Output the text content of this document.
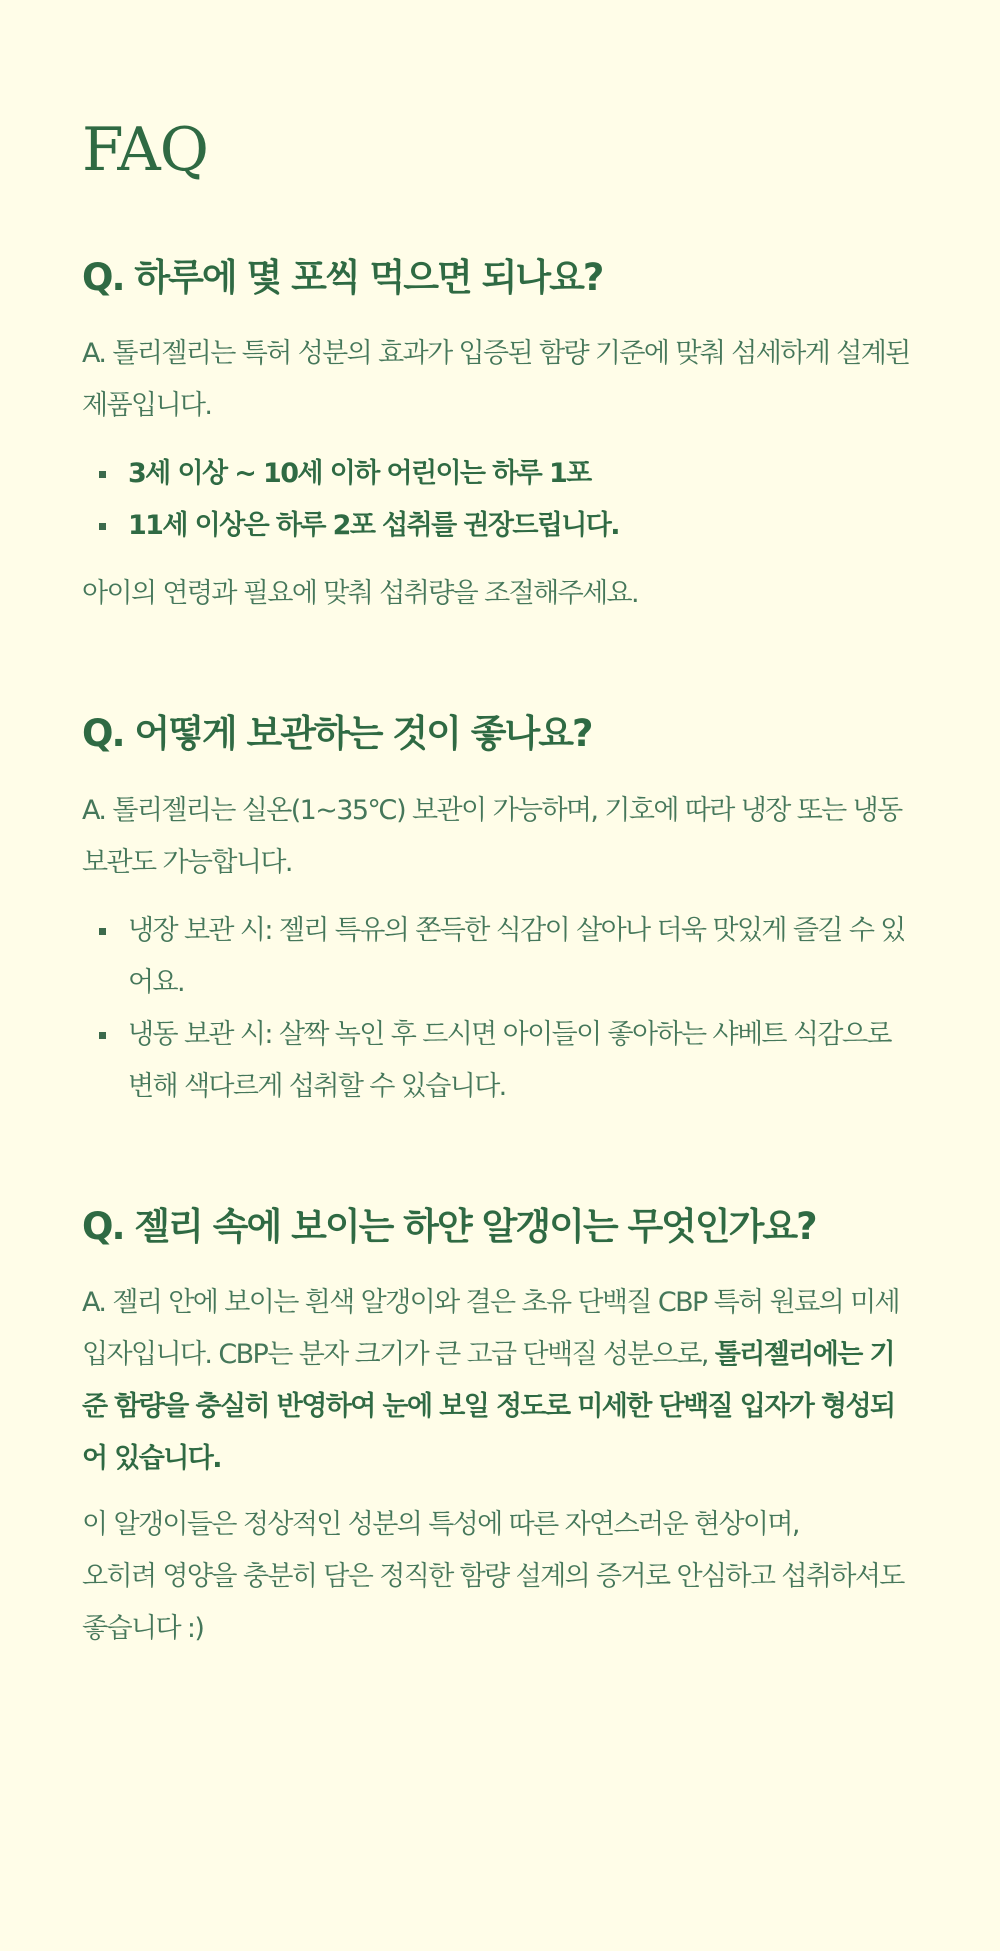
FAQ
Q. 하루에 몇 포씩 먹으면 되나요?

A. 톨리젤리는 특허 성분의 효과가 입증된 함량 기준에 맞춰 섬세하게 설계된 제품입니다.

3세 이상 ~ 10세 이하 어린이는 하루 1포
11세 이상은 하루 2포 섭취를 권장드립니다.

아이의 연령과 필요에 맞춰 섭취량을 조절해주세요.

Q. 어떻게 보관하는 것이 좋나요?

A. 톨리젤리는 실온(1~35℃) 보관이 가능하며, 기호에 따라 냉장 또는 냉동 보관도 가능합니다.

냉장 보관 시: 젤리 특유의 쫀득한 식감이 살아나 더욱 맛있게 즐길 수 있어요.
냉동 보관 시: 살짝 녹인 후 드시면 아이들이 좋아하는 샤베트 식감으로 변해 색다르게 섭취할 수 있습니다.
Q. 젤리 속에 보이는 하얀 알갱이는 무엇인가요?

A. 젤리 안에 보이는 흰색 알갱이와 결은 초유 단백질 CBP 특허 원료의 미세 입자입니다. CBP는 분자 크기가 큰 고급 단백질 성분으로, 톨리젤리에는 기준 함량을 충실히 반영하여 눈에 보일 정도로 미세한 단백질 입자가 형성되어 있습니다.

이 알갱이들은 정상적인 성분의 특성에 따른 자연스러운 현상이며,
오히려 영양을 충분히 담은 정직한 함량 설계의 증거로 안심하고 섭취하셔도 좋습니다 :)
